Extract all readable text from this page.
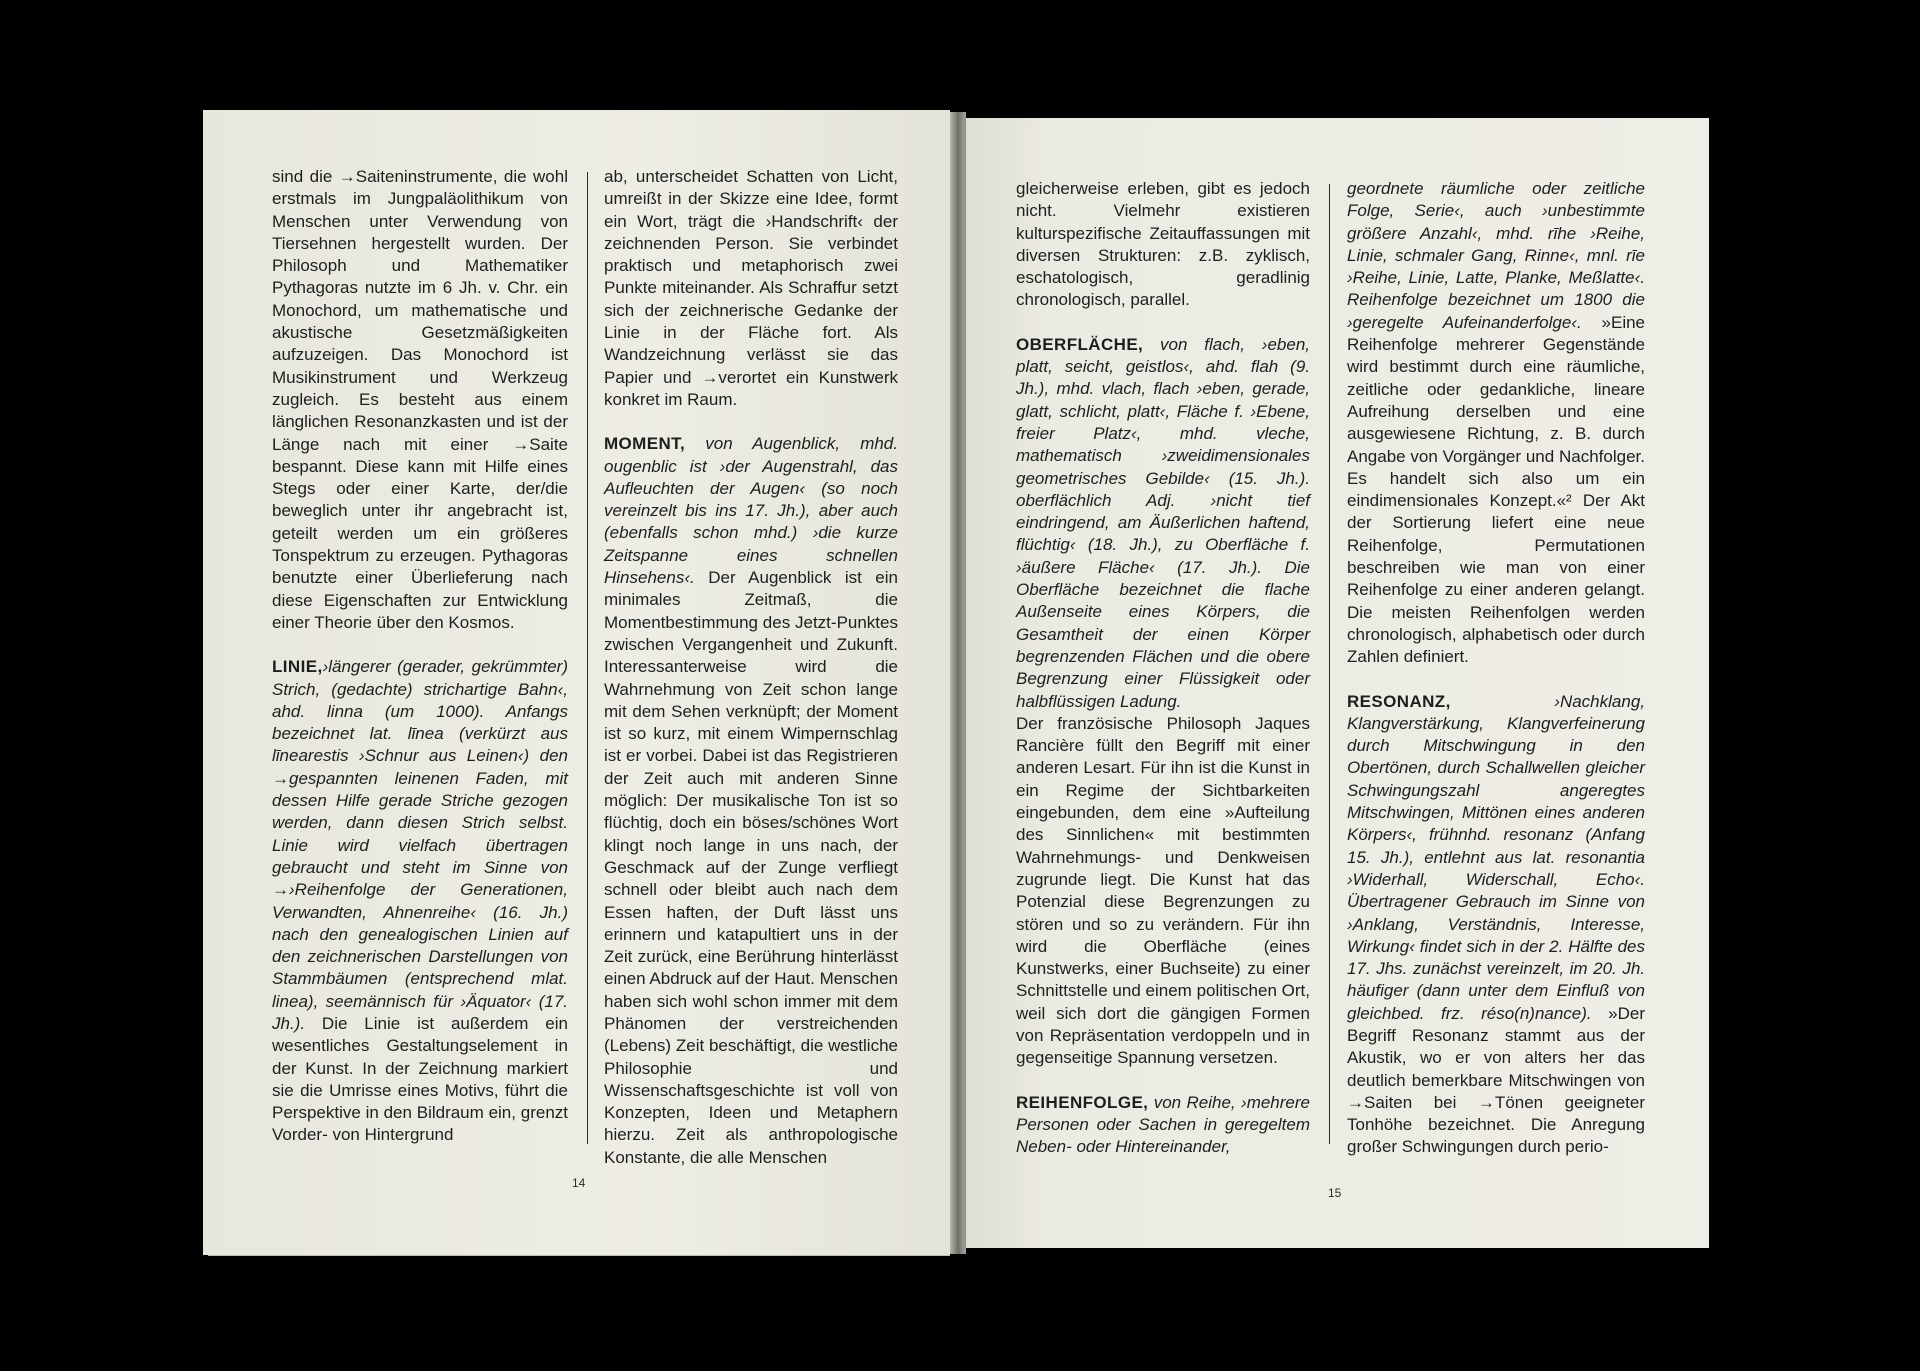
sind die →Saiteninstrumente, die wohl erstmals im Jungpaläolithikum von Menschen unter Verwendung von Tiersehnen hergestellt wurden. Der Philosoph und Mathematiker Pythagoras nutzte im 6 Jh. v. Chr. ein Monochord, um mathematische und akustische Gesetzmäßigkeiten aufzuzeigen. Das Monochord ist Musikinstrument und Werkzeug zugleich. Es besteht aus einem länglichen Resonanzkasten und ist der Länge nach mit einer →Saite bespannt. Diese kann mit Hilfe eines Stegs oder einer Karte, der/die beweglich unter ihr angebracht ist, geteilt werden um ein größeres Tonspektrum zu erzeugen. Pythagoras benutzte einer Überlieferung nach diese Eigenschaften zur Entwicklung einer Theorie über den Kosmos.

LINIE,›längerer (gerader, gekrümmter) Strich, (gedachte) strichartige Bahn‹, ahd. linna (um 1000). Anfangs bezeichnet lat. līnea (verkürzt aus līnearestis ›Schnur aus Leinen‹) den →gespannten leinenen Faden, mit dessen Hilfe gerade Striche gezogen werden, dann diesen Strich selbst. Linie wird vielfach übertragen gebraucht und steht im Sinne von →›Reihenfolge der Generationen, Verwandten, Ahnenreihe‹ (16. Jh.) nach den genealogischen Linien auf den zeichnerischen Darstellungen von Stammbäumen (entsprechend mlat. linea), seemännisch für ›Äquator‹ (17. Jh.). Die Linie ist außerdem ein wesentliches Gestaltungselement in der Kunst. In der Zeichnung markiert sie die Umrisse eines Motivs, führt die Perspektive in den Bildraum ein, grenzt Vorder- von Hintergrund

ab, unterscheidet Schatten von Licht, umreißt in der Skizze eine Idee, formt ein Wort, trägt die ›Handschrift‹ der zeichnenden Person. Sie verbindet praktisch und metaphorisch zwei Punkte miteinander. Als Schraffur setzt sich der zeichnerische Gedanke der Linie in der Fläche fort. Als Wandzeichnung verlässt sie das Papier und →verortet ein Kunstwerk konkret im Raum.

MOMENT, von Augenblick, mhd. ougenblic ist ›der Augenstrahl, das Aufleuchten der Augen‹ (so noch vereinzelt bis ins 17. Jh.), aber auch (ebenfalls schon mhd.) ›die kurze Zeitspanne eines schnellen Hinsehens‹. Der Augenblick ist ein minimales Zeitmaß, die Momentbestimmung des Jetzt-Punktes zwischen Vergangenheit und Zukunft. Interessanterweise wird die Wahrnehmung von Zeit schon lange mit dem Sehen verknüpft; der Moment ist so kurz, mit einem Wimpernschlag ist er vorbei. Dabei ist das Registrieren der Zeit auch mit anderen Sinne möglich: Der musikalische Ton ist so flüchtig, doch ein böses/schönes Wort klingt noch lange in uns nach, der Geschmack auf der Zunge verfliegt schnell oder bleibt auch nach dem Essen haften, der Duft lässt uns erinnern und katapultiert uns in der Zeit zurück, eine Berührung hinterlässt einen Abdruck auf der Haut. Menschen haben sich wohl schon immer mit dem Phänomen der verstreichenden (Lebens) Zeit beschäftigt, die westliche Philosophie und Wissenschaftsgeschichte ist voll von Konzepten, Ideen und Metaphern hierzu. Zeit als anthropologische Konstante, die alle Menschen

14

gleicherweise erleben, gibt es jedoch nicht. Vielmehr existieren kulturspezifische Zeitauffassungen mit diversen Strukturen: z.B. zyklisch, eschatologisch, geradlinig chronologisch, parallel.

OBERFLÄCHE, von flach, ›eben, platt, seicht, geistlos‹, ahd. flah (9. Jh.), mhd. vlach, flach ›eben, gerade, glatt, schlicht, platt‹, Fläche f. ›Ebene, freier Platz‹, mhd. vleche, mathematisch ›zweidimensionales geometrisches Gebilde‹ (15. Jh.). oberflächlich Adj. ›nicht tief eindringend, am Äußerlichen haftend, flüchtig‹ (18. Jh.), zu Oberfläche f. ›äußere Fläche‹ (17. Jh.). Die Oberfläche bezeichnet die flache Außenseite eines Körpers, die Gesamtheit der einen Körper begrenzenden Flächen und die obere Begrenzung einer Flüssigkeit oder halbflüssigen Ladung.

Der französische Philosoph Jaques Rancière füllt den Begriff mit einer anderen Lesart. Für ihn ist die Kunst in ein Regime der Sichtbarkeiten eingebunden, dem eine »Aufteilung des Sinnlichen« mit bestimmten Wahrnehmungs- und Denkweisen zugrunde liegt. Die Kunst hat das Potenzial diese Begrenzungen zu stören und so zu verändern. Für ihn wird die Oberfläche (eines Kunstwerks, einer Buchseite) zu einer Schnittstelle und einem politischen Ort, weil sich dort die gängigen Formen von Repräsentation verdoppeln und in gegenseitige Spannung versetzen.

REIHENFOLGE, von Reihe, ›mehrere Personen oder Sachen in geregeltem Neben- oder Hintereinander,

geordnete räumliche oder zeitliche Folge, Serie‹, auch ›unbestimmte größere Anzahl‹, mhd. rīhe ›Reihe, Linie, schmaler Gang, Rinne‹, mnl. rīe ›Reihe, Linie, Latte, Planke, Meßlatte‹. Reihenfolge bezeichnet um 1800 die ›geregelte Aufeinanderfolge‹. »Eine Reihenfolge mehrerer Gegenstände wird bestimmt durch eine räumliche, zeitliche oder gedankliche, lineare Aufreihung derselben und eine ausgewiesene Richtung, z. B. durch Angabe von Vorgänger und Nachfolger. Es handelt sich also um ein eindimensionales Konzept.«² Der Akt der Sortierung liefert eine neue Reihenfolge, Permutationen beschreiben wie man von einer Reihenfolge zu einer anderen gelangt. Die meisten Reihenfolgen werden chronologisch, alphabetisch oder durch Zahlen definiert.

RESONANZ, ›Nachklang, Klangverstärkung, Klangverfeinerung durch Mitschwingung in den Obertönen, durch Schallwellen gleicher Schwingungszahl angeregtes Mitschwingen, Mittönen eines anderen Körpers‹, frühnhd. resonanz (Anfang 15. Jh.), entlehnt aus lat. resonantia ›Widerhall, Widerschall, Echo‹. Übertragener Gebrauch im Sinne von ›Anklang, Verständnis, Interesse, Wirkung‹ findet sich in der 2. Hälfte des 17. Jhs. zunächst vereinzelt, im 20. Jh. häufiger (dann unter dem Einfluß von gleichbed. frz. réso(n)nance). »Der Begriff Resonanz stammt aus der Akustik, wo er von alters her das deutlich bemerkbare Mitschwingen von →Saiten bei →Tönen geeigneter Tonhöhe bezeichnet. Die Anregung großer Schwingungen durch perio-

15
